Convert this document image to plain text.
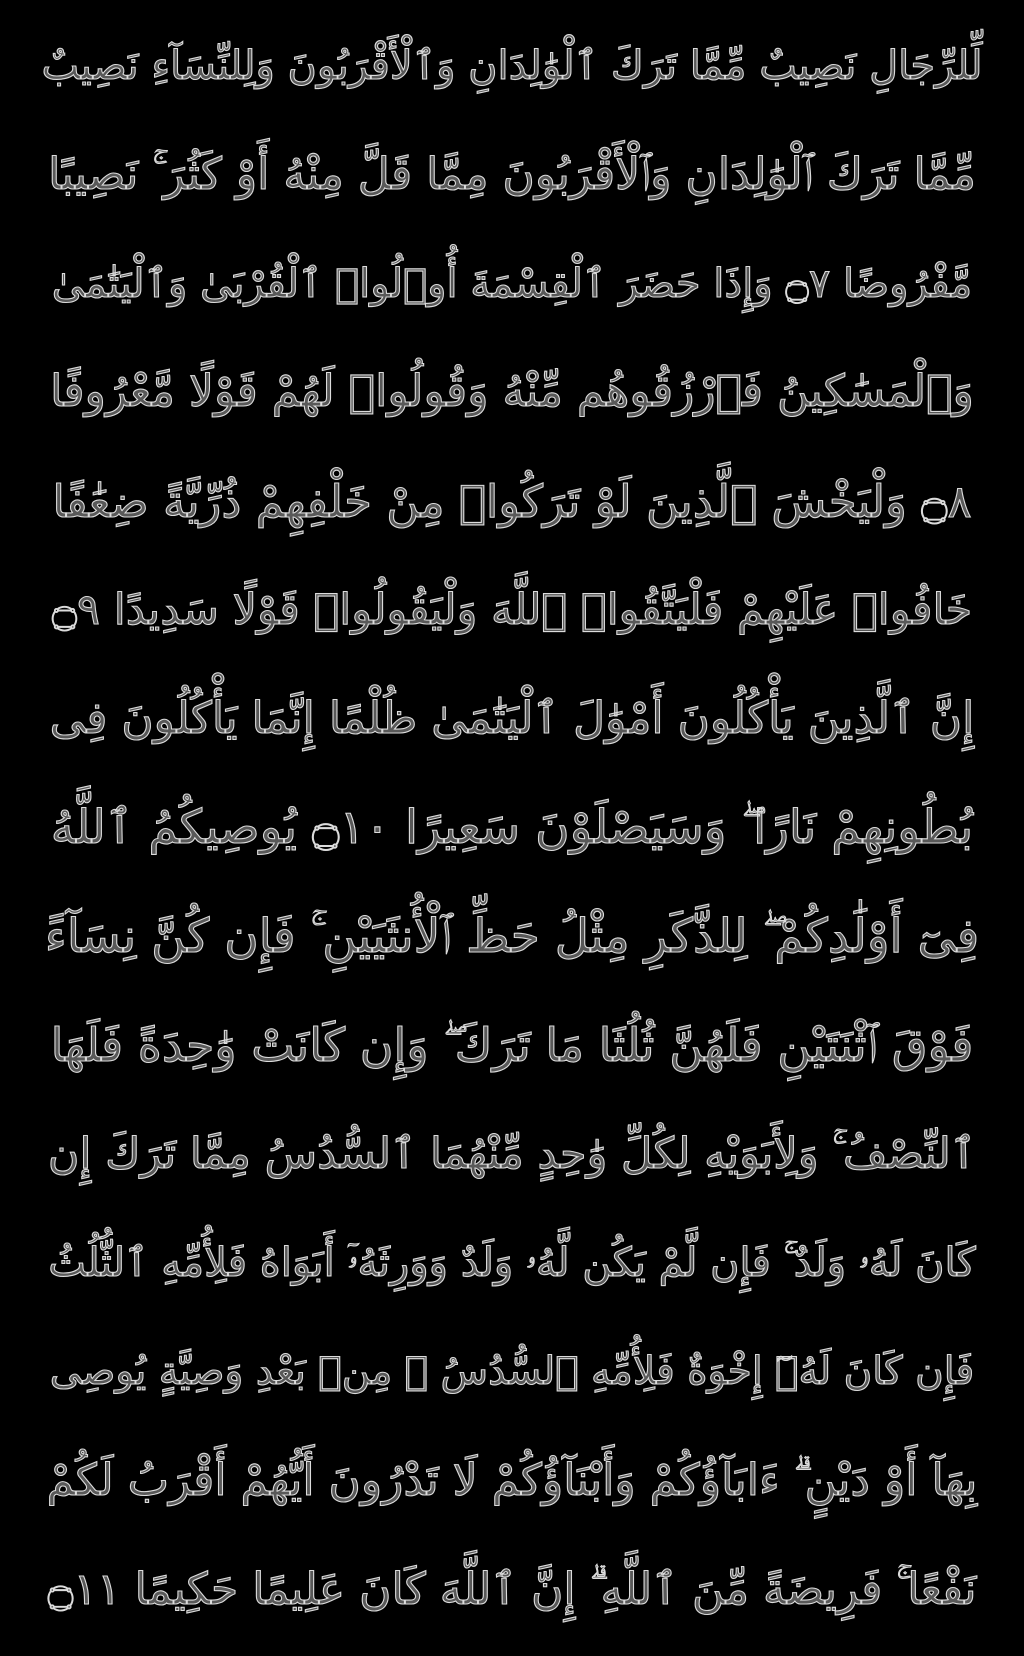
لِّلرِّجَالِ نَصِيبٌ مِّمَّا تَرَكَ ٱلْوَٰلِدَانِ وَٱلْأَقْرَبُونَ وَلِلنِّسَآءِ نَصِيبٌ
مِّمَّا تَرَكَ ٱلْوَٰلِدَانِ وَٱلْأَقْرَبُونَ مِمَّا قَلَّ مِنْهُ أَوْ كَثُرَ ۚ نَصِيبًا
مَّفْرُوضًا ۝٧ وَإِذَا حَضَرَ ٱلْقِسْمَةَ أُو۟لُوا۟ ٱلْقُرْبَىٰ وَٱلْيَتَٰمَىٰ
وَٱلْمَسَٰكِينُ فَٱرْزُقُوهُم مِّنْهُ وَقُولُوا۟ لَهُمْ قَوْلًا مَّعْرُوفًا
۝٨ وَلْيَخْشَ ٱلَّذِينَ لَوْ تَرَكُوا۟ مِنْ خَلْفِهِمْ ذُرِّيَّةً ضِعَٰفًا
خَافُوا۟ عَلَيْهِمْ فَلْيَتَّقُوا۟ ٱللَّهَ وَلْيَقُولُوا۟ قَوْلًا سَدِيدًا ۝٩
إِنَّ ٱلَّذِينَ يَأْكُلُونَ أَمْوَٰلَ ٱلْيَتَٰمَىٰ ظُلْمًا إِنَّمَا يَأْكُلُونَ فِى
بُطُونِهِمْ نَارًا ۖ وَسَيَصْلَوْنَ سَعِيرًا ۝١٠ يُوصِيكُمُ ٱللَّهُ
فِىٓ أَوْلَٰدِكُمْ ۖ لِلذَّكَرِ مِثْلُ حَظِّ ٱلْأُنثَيَيْنِ ۚ فَإِن كُنَّ نِسَآءً
فَوْقَ ٱثْنَتَيْنِ فَلَهُنَّ ثُلُثَا مَا تَرَكَ ۖ وَإِن كَانَتْ وَٰحِدَةً فَلَهَا
ٱلنِّصْفُ ۚ وَلِأَبَوَيْهِ لِكُلِّ وَٰحِدٍ مِّنْهُمَا ٱلسُّدُسُ مِمَّا تَرَكَ إِن
كَانَ لَهُۥ وَلَدٌ ۚ فَإِن لَّمْ يَكُن لَّهُۥ وَلَدٌ وَوَرِثَهُۥٓ أَبَوَاهُ فَلِأُمِّهِ ٱلثُّلُثُ
فَإِن كَانَ لَهُۥٓ إِخْوَةٌ فَلِأُمِّهِ ٱلسُّدُسُ ۚ مِنۢ بَعْدِ وَصِيَّةٍ يُوصِى
بِهَآ أَوْ دَيْنٍ ۗ ءَابَآؤُكُمْ وَأَبْنَآؤُكُمْ لَا تَدْرُونَ أَيُّهُمْ أَقْرَبُ لَكُمْ
نَفْعًا ۚ فَرِيضَةً مِّنَ ٱللَّهِ ۗ إِنَّ ٱللَّهَ كَانَ عَلِيمًا حَكِيمًا ۝١١
